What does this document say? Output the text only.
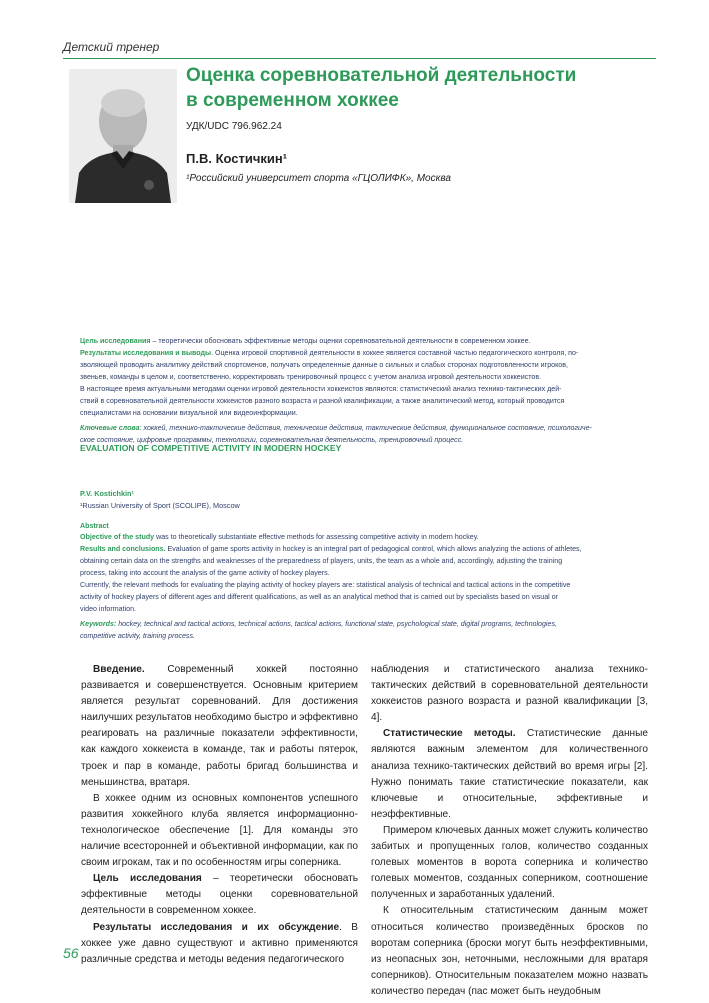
Детский тренер
Оценка соревновательной деятельности
в современном хоккее
УДК/UDC 796.962.24
П.В. Костичкин¹
¹Российский университет спорта «ГЦОЛИФК», Москва
Цель исследования – теоретически обосновать эффективные методы оценки соревновательной деятельности в современном хоккее.
Результаты исследования и выводы. Оценка игровой спортивной деятельности в хоккее является составной частью педагогического контроля, по-
зволяющей проводить аналитику действий спортсменов, получать определенные данные о сильных и слабых сторонах подготовленности игроков,
звеньев, команды в целом и, соответственно, корректировать тренировочный процесс с учетом анализа игровой деятельности хоккеистов.
В настоящее время актуальными методами оценки игровой деятельности хоккеистов являются: статистический анализ технико-тактических дей-
ствий в соревновательной деятельности хоккеистов разного возраста и разной квалификации, а также аналитический метод, который проводится
специалистами на основании визуальной или видеоинформации.
Ключевые слова: хоккей, технико-тактические действия, технические действия, тактические действия, функциональное состояние, психологиче-
ское состояние, цифровые программы, технологии, соревновательная деятельность, тренировочный процесс.
EVALUATION OF COMPETITIVE ACTIVITY IN MODERN HOCKEY
P.V. Kostichkin¹
¹Russian University of Sport (SCOLIPE), Moscow
Abstract
Objective of the study was to theoretically substantiate effective methods for assessing competitive activity in modern hockey.
Results and conclusions. Evaluation of game sports activity in hockey is an integral part of pedagogical control, which allows analyzing the actions of athletes,
obtaining certain data on the strengths and weaknesses of the preparedness of players, units, the team as a whole and, accordingly, adjusting the training
process, taking into account the analysis of the game activity of hockey players.
Currently, the relevant methods for evaluating the playing activity of hockey players are: statistical analysis of technical and tactical actions in the competitive
activity of hockey players of different ages and different qualifications, as well as an analytical method that is carried out by specialists based on visual or
video information.
Keywords: hockey, technical and tactical actions, technical actions, tactical actions, functional state, psychological state, digital programs, technologies,
competitive activity, training process.

Введение. Современный хоккей постоянно развивается и совершенствуется. Основным критерием является результат соревнований. Для достижения наилучших результатов необходимо быстро и эффективно реагировать на различные показатели эффективности, как каждого хоккеиста в команде, так и работы пятерок, троек и пар в команде, работы бригад большинства и меньшинства, вратаря.

В хоккее одним из основных компонентов успешного развития хоккейного клуба является информационно-технологическое обеспечение [1]. Для команды это наличие всесторонней и объективной информации, как по своим игрокам, так и по особенностям игры соперника.

Цель исследования – теоретически обосновать эффективные методы оценки соревновательной деятельности в современном хоккее.

Результаты исследования и их обсуждение. В хоккее уже давно существуют и активно применяются различные средства и методы ведения педагогического

наблюдения и статистического анализа технико-тактических действий в соревновательной деятельности хоккеистов разного возраста и разной квалификации [3, 4].

Статистические методы. Статистические данные являются важным элементом для количественного анализа технико-тактических действий во время игры [2]. Нужно понимать такие статистические показатели, как ключевые и относительные, эффективные и неэффективные.

Примером ключевых данных может служить количество забитых и пропущенных голов, количество созданных голевых моментов в ворота соперника и количество голевых моментов, созданных соперником, соотношение полученных и заработанных удалений.

К относительным статистическим данным может относиться количество произведённых бросков по воротам соперника (броски могут быть неэффективными, из неопасных зон, неточными, несложными для вратаря соперников). Относительным показателем можно назвать количество передач (пас может быть неудобным

56
